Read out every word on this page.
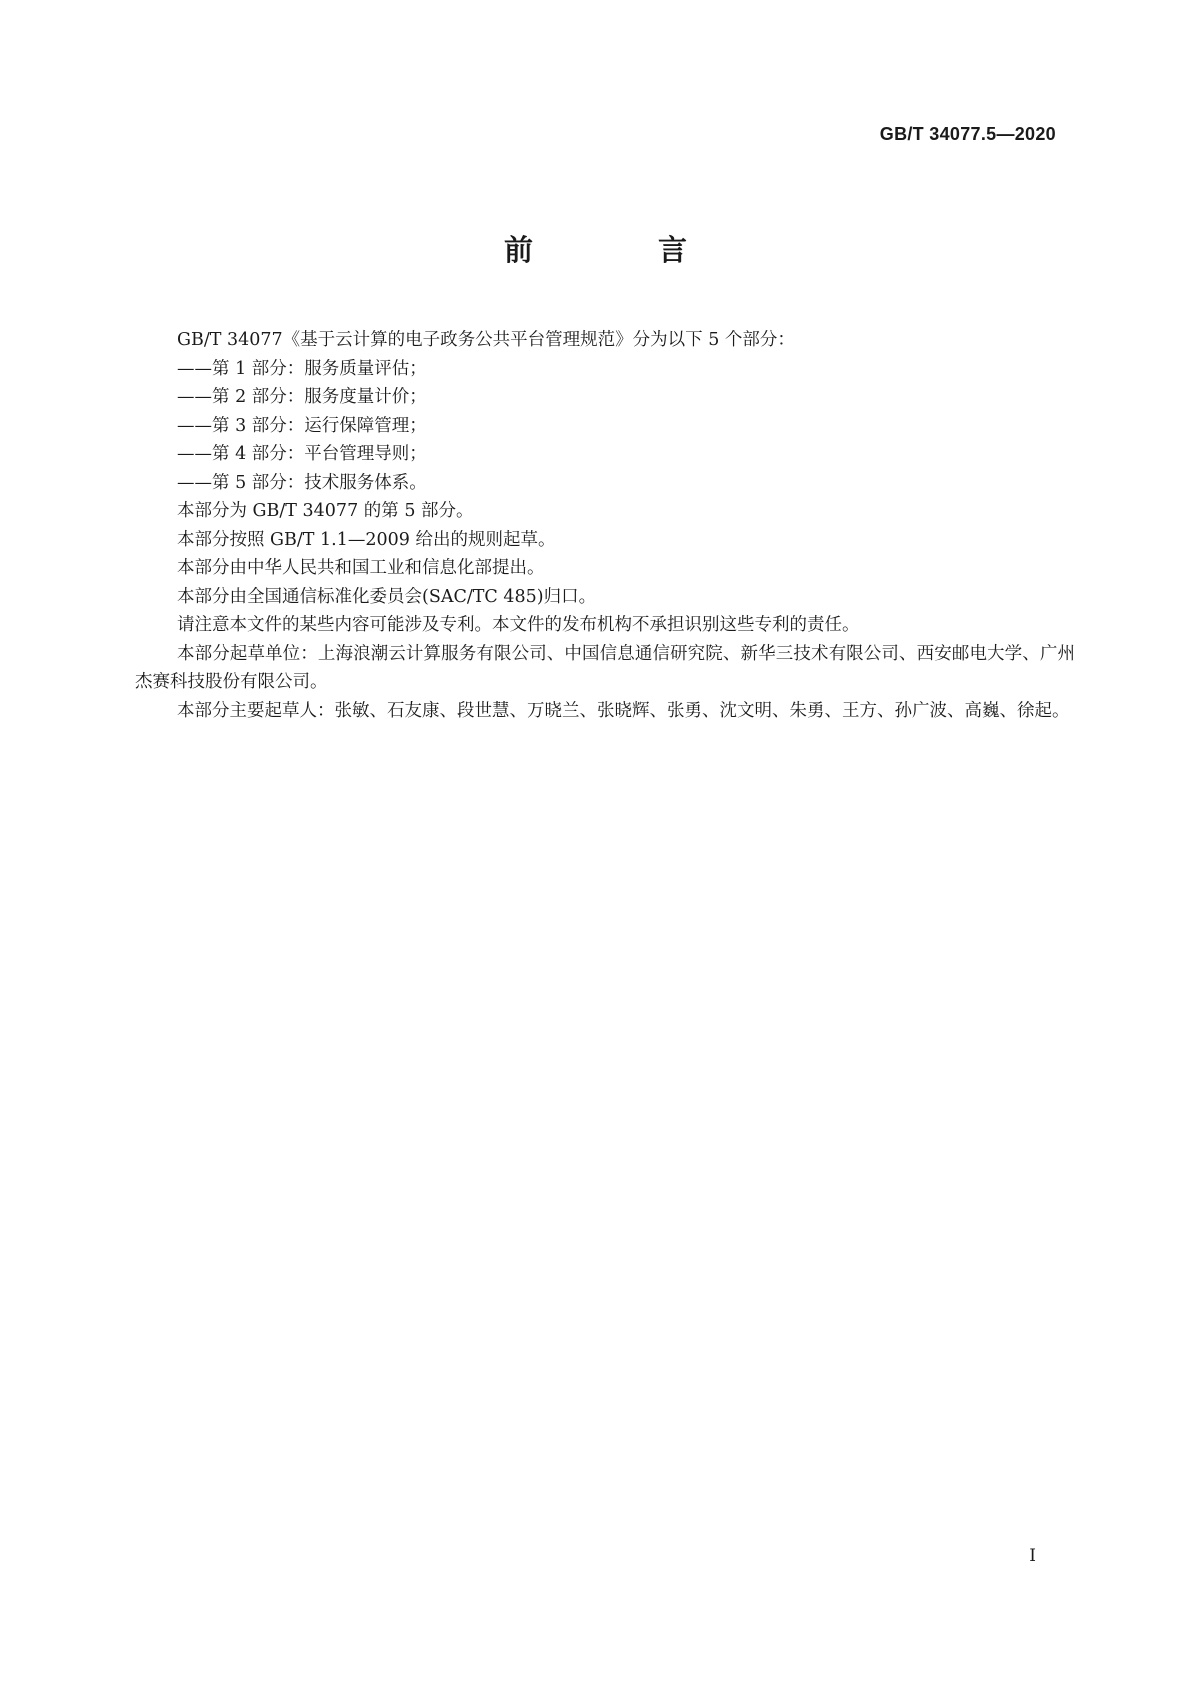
GB/T 34077.5—2020
前　言

GB/T 34077《基于云计算的电子政务公共平台管理规范》分为以下 5 个部分：

——第 1 部分：服务质量评估；

——第 2 部分：服务度量计价；

——第 3 部分：运行保障管理；

——第 4 部分：平台管理导则；

——第 5 部分：技术服务体系。

本部分为 GB/T 34077 的第 5 部分。

本部分按照 GB/T 1.1—2009 给出的规则起草。

本部分由中华人民共和国工业和信息化部提出。

本部分由全国通信标准化委员会(SAC/TC 485)归口。

请注意本文件的某些内容可能涉及专利。本文件的发布机构不承担识别这些专利的责任。

本部分起草单位：上海浪潮云计算服务有限公司、中国信息通信研究院、新华三技术有限公司、西安邮电大学、广州杰赛科技股份有限公司。

本部分主要起草人：张敏、石友康、段世慧、万晓兰、张晓辉、张勇、沈文明、朱勇、王方、孙广波、高巍、徐起。

I
